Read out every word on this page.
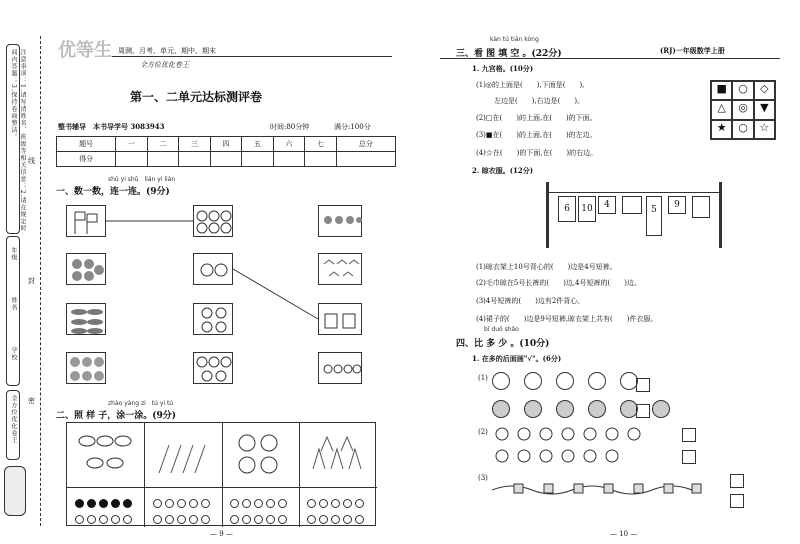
注意事项：1.请写清姓名、班级等相关信息；2.请在规定时间内答题；3.保持卷面整洁。
线
封
密
年级
姓名
学校
全方位优化卷王
优等生 周测、月考、单元、期中、期末
全方位优化卷王
第一、二单元达标测评卷
整书辅导　本书导学号 3083943	时间:80分钟	满分:100分
题号	一	二	三	四	五	六	七	总分
得分								
shǔ yi shǔ　lián yi lián
一、数一数，连一连。(9分)
zhào yàng zi　tú yi tú
二、照 样 子，涂一涂。(9分)
— 9 —
(RJ)一年级数学上册
kàn tú tián kòng
三、看 图 填 空 。(22分)
1. 九宫格。(10分)
(1)◎的上面是(　　),下面是(　　),
左边是(　　),右边是(　　)。
(2)□在(　　)的上面,在(　　)的下面。
(3)■在(　　)的上面,在(　　)的左边。
(4)☆在(　　)的下面,在(　　)的右边。
■	○	◇
△	◎	▼
★	○	☆
2. 晾衣服。(12分)
6	10	4	5	9
(1)晾衣架上10号背心的(　　)边是4号短裤。
(2)毛巾晾在5号长裤的(　　)边,4号短裤的(　　)边。
(3)4号短裤的(　　)边有2件背心。
(4)裙子的(　　)边是9号短裤,晾衣架上共有(　　)件衣服。
bǐ duō shǎo
四、比 多 少 。(10分)
1. 在多的后面画"√"。(6分)
(1)
(2)
(3)
— 10 —
